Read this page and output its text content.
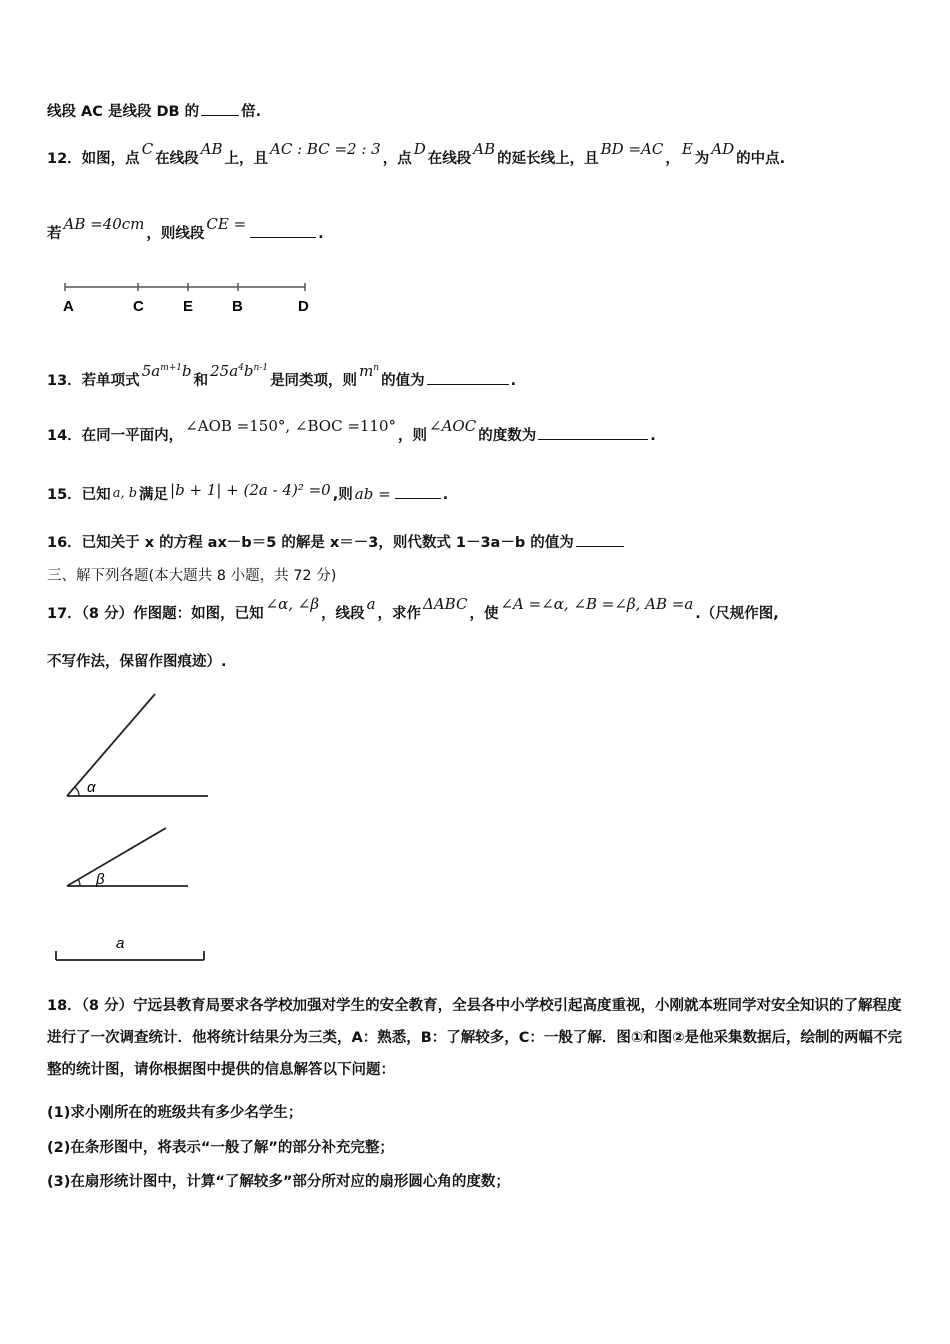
线段 AC 是线段 DB 的	倍.
12．如图，点C在线段AB上，且AC : BC =2 : 3，点D在线段AB的延长线上，且BD =AC，E为AD的中点.
若AB =40cm，则线段CE =.
A	C	E	B	D
13．若单项式$5a^{m+1}b$和$25a^4b^{n-1}$是同类项，则$m^n$的值为	.
14．在同一平面内，∠AOB =150°, ∠BOC =110°，则∠AOC的度数为	.
15．已知 a, b 满足 |b + 1| + (2a - 4)² =0 ,则 ab =	.
16．已知关于 x 的方程 ax－b＝5 的解是 x＝－3，则代数式 1－3a－b 的值为
三、解下列各题(本大题共 8 小题，共 72 分)
17．（8 分）作图题：如图，已知∠α, ∠β，线段a，求作ΔABC，使∠A =∠α, ∠B =∠β, AB =a.（尺规作图,
不写作法，保留作图痕迹）.
α
β
a
18．（8 分）宁远县教育局要求各学校加强对学生的安全教育，全县各中小学校引起高度重视，小刚就本班同学对安全知识的了解程度进行了一次调查统计．他将统计结果分为三类，A：熟悉，B：了解较多，C：一般了解．图①和图②是他采集数据后，绘制的两幅不完整的统计图，请你根据图中提供的信息解答以下问题：
(1)求小刚所在的班级共有多少名学生；
(2)在条形图中，将表示“一般了解”的部分补充完整；
(3)在扇形统计图中，计算“了解较多”部分所对应的扇形圆心角的度数；
